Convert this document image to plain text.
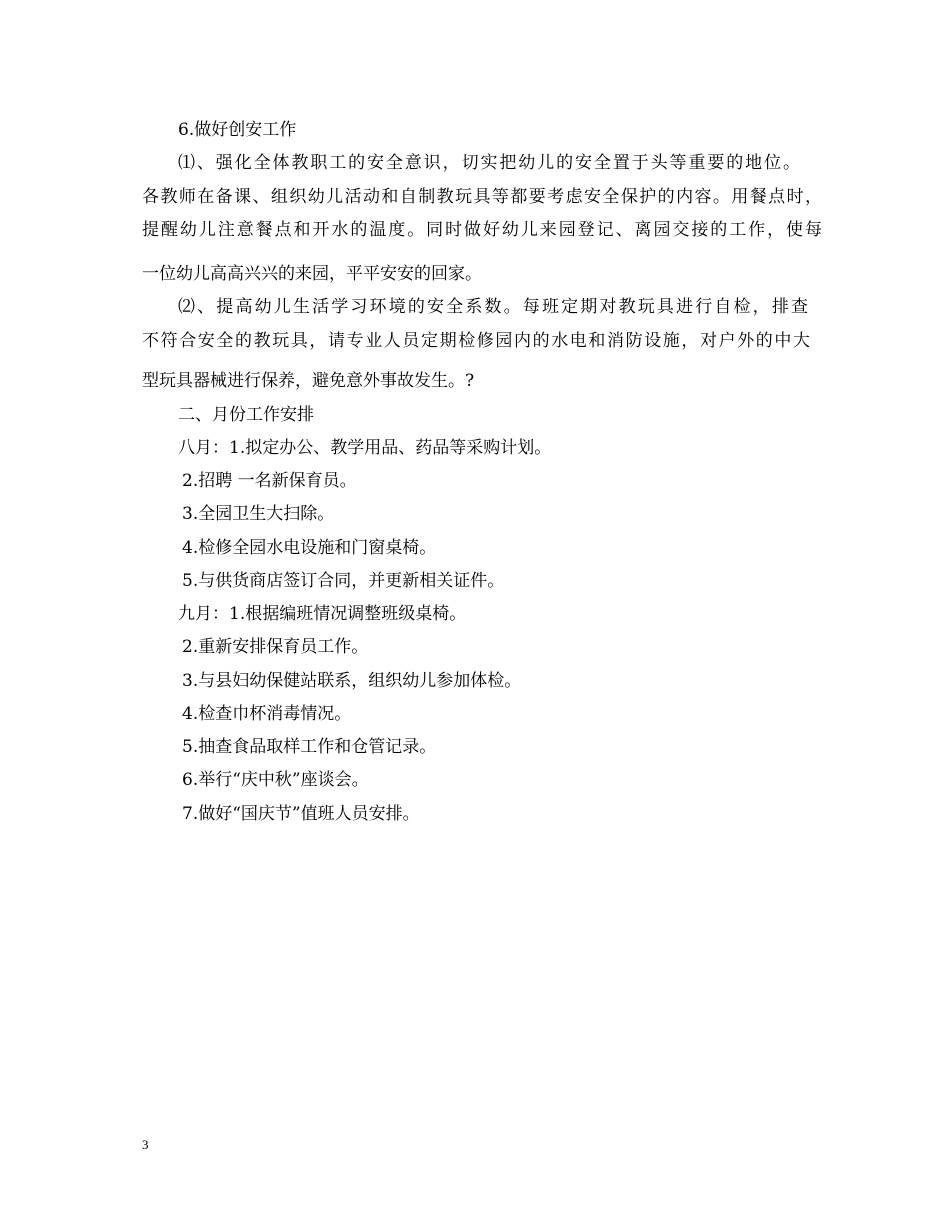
6.做好创安工作
⑴、强化全体教职工的安全意识，切实把幼儿的安全置于头等重要的地位。
各教师在备课、组织幼儿活动和自制教玩具等都要考虑安全保护的内容。用餐点时，
提醒幼儿注意餐点和开水的温度。同时做好幼儿来园登记、离园交接的工作，使每
一位幼儿高高兴兴的来园，平平安安的回家。
⑵、提高幼儿生活学习环境的安全系数。每班定期对教玩具进行自检，排查
不符合安全的教玩具，请专业人员定期检修园内的水电和消防设施，对户外的中大
型玩具器械进行保养，避免意外事故发生。?
二、月份工作安排
八月：1.拟定办公、教学用品、药品等采购计划。
2.招聘 一名新保育员。
3.全园卫生大扫除。
4.检修全园水电设施和门窗桌椅。
5.与供货商店签订合同，并更新相关证件。
九月：1.根据编班情况调整班级桌椅。
2.重新安排保育员工作。
3.与县妇幼保健站联系，组织幼儿参加体检。
4.检查巾杯消毒情况。
5.抽查食品取样工作和仓管记录。
6.举行“庆中秋”座谈会。
7.做好“国庆节”值班人员安排。
3
